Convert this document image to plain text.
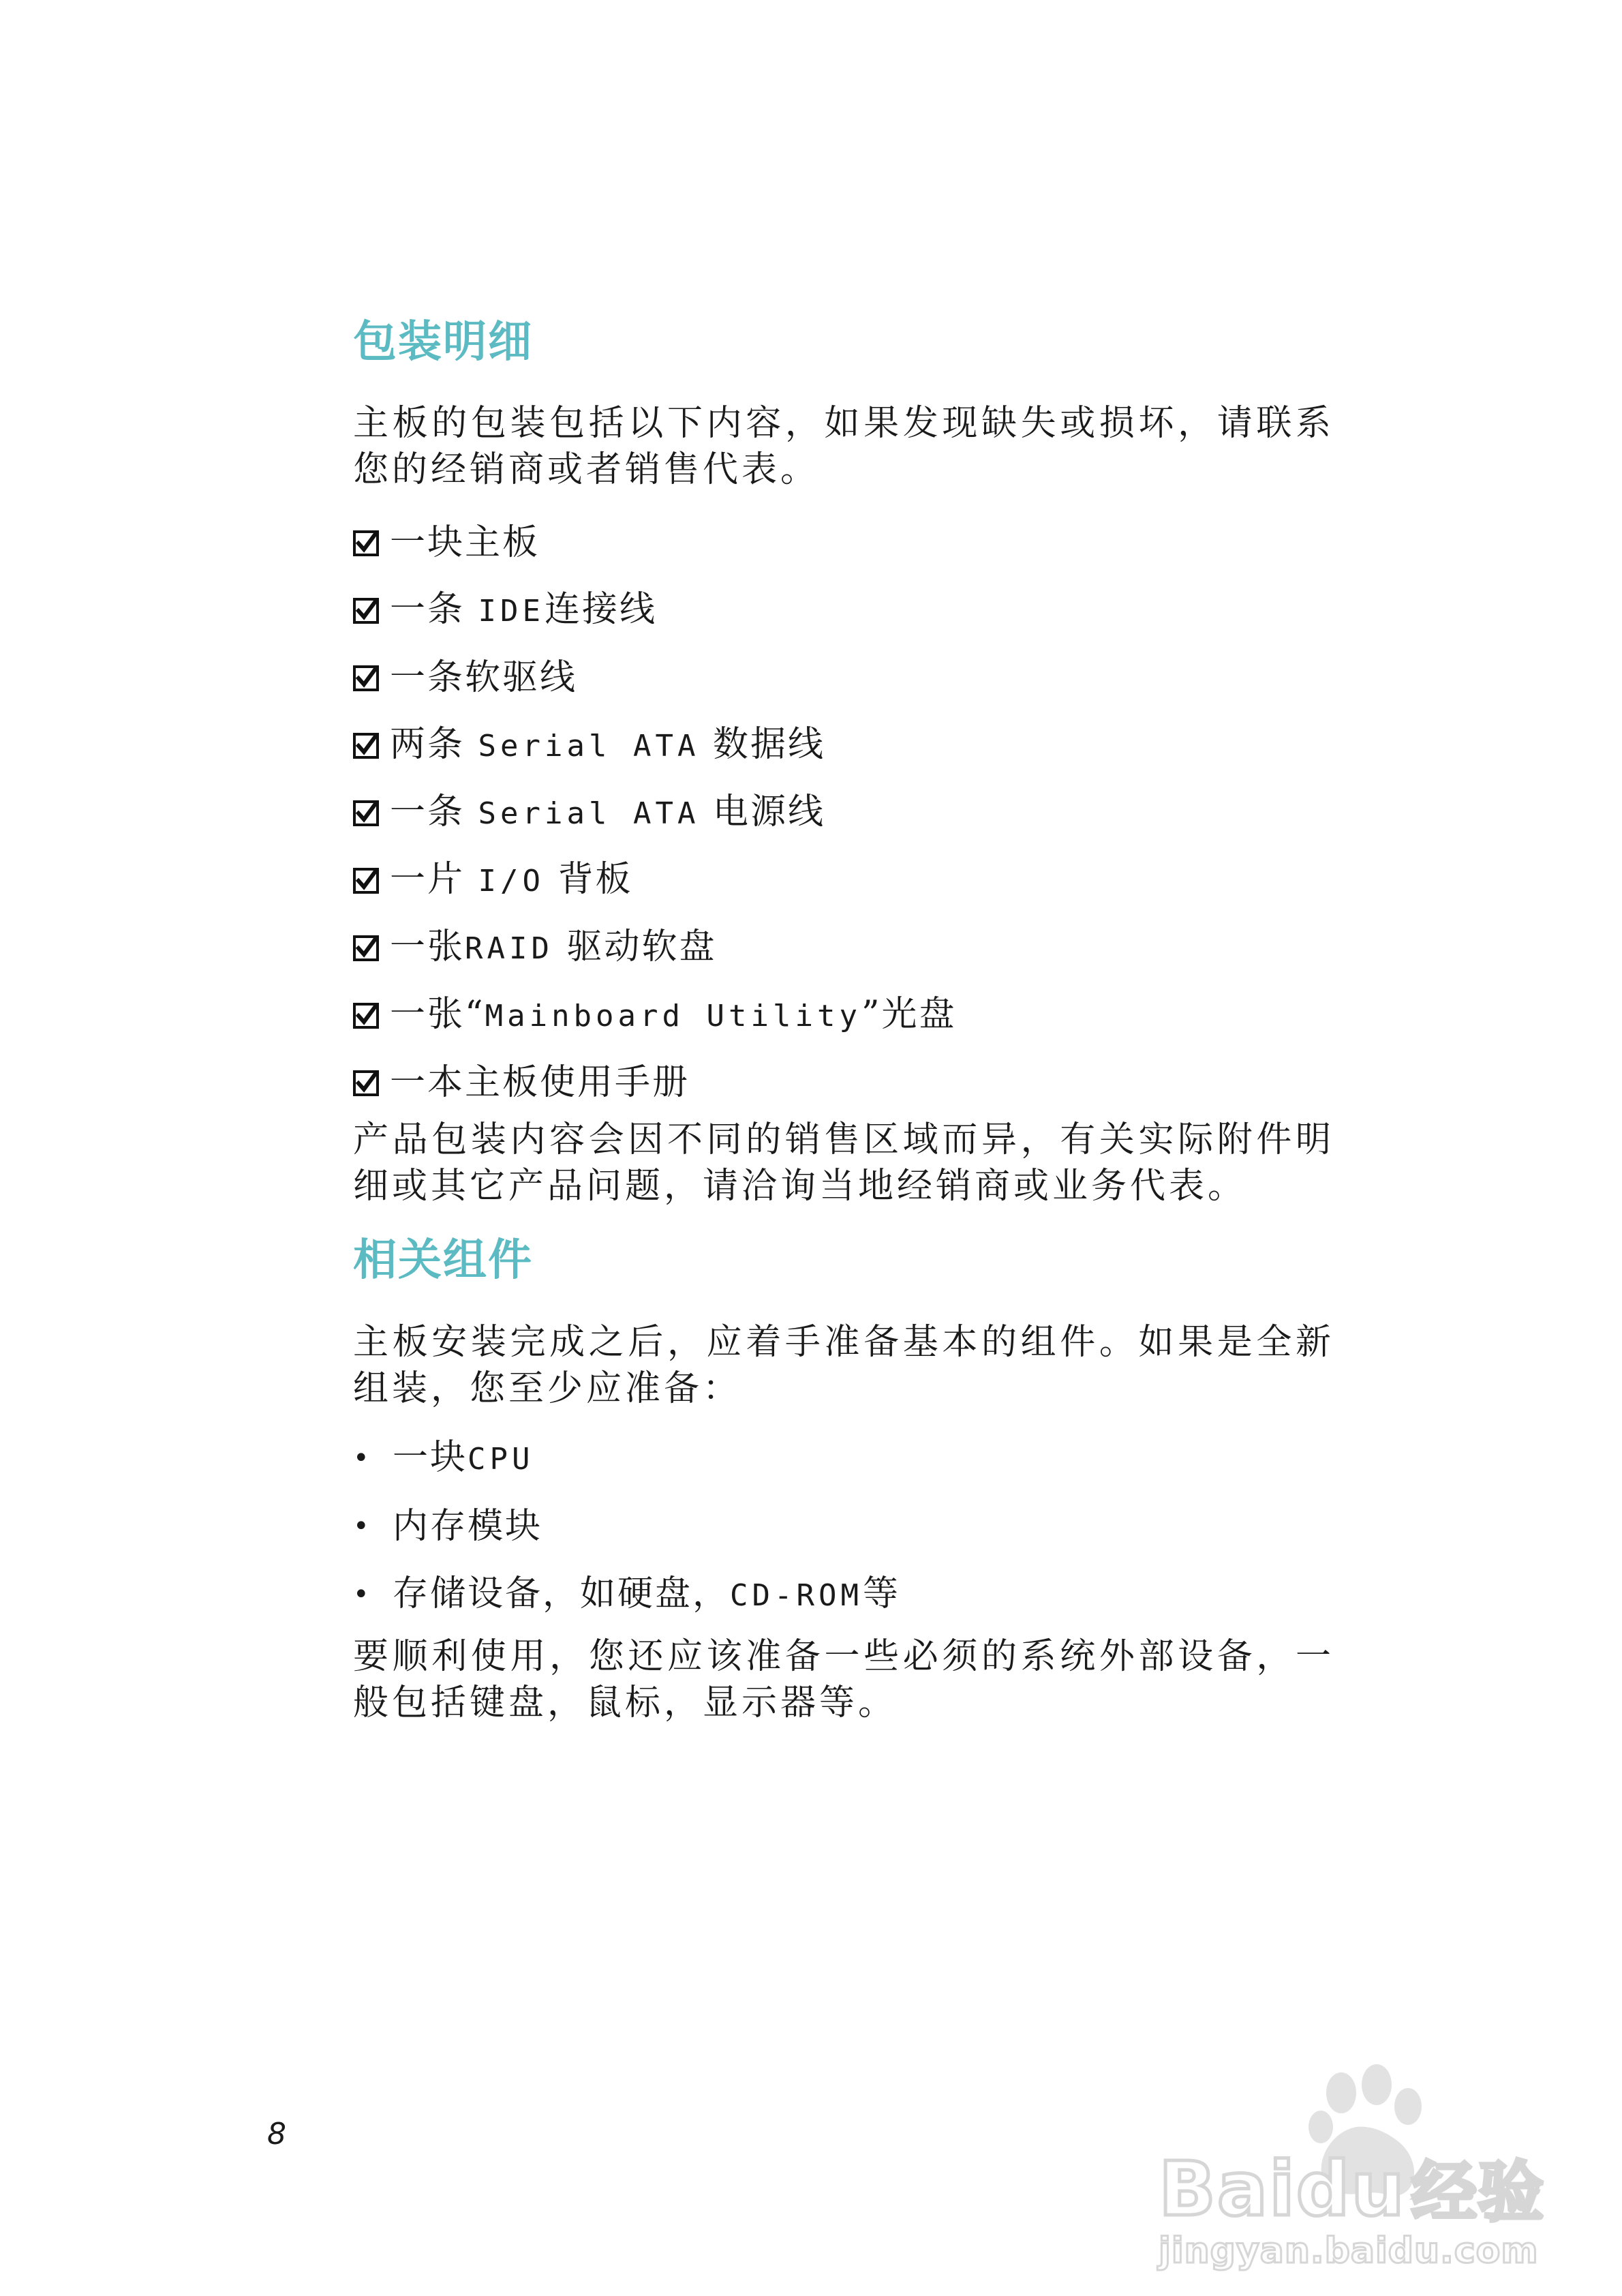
包装明细

主板的包装包括以下内容，如果发现缺失或损坏，请联系您的经销商或者销售代表。

一块主板
一条 IDE连接线
一条软驱线
两条 Serial ATA 数据线
一条 Serial ATA 电源线
一片 I/O 背板
一张RAID 驱动软盘
一张“Mainboard Utility”光盘
一本主板使用手册

产品包装内容会因不同的销售区域而异，有关实际附件明细或其它产品问题，请洽询当地经销商或业务代表。

相关组件

主板安装完成之后，应着手准备基本的组件。如果是全新组装，您至少应准备：

• 一块CPU
• 内存模块
• 存储设备，如硬盘，CD-ROM等

要顺利使用，您还应该准备一些必须的系统外部设备，一般包括键盘，鼠标，显示器等。

8
Baidu经验
jingyan.baidu.com
